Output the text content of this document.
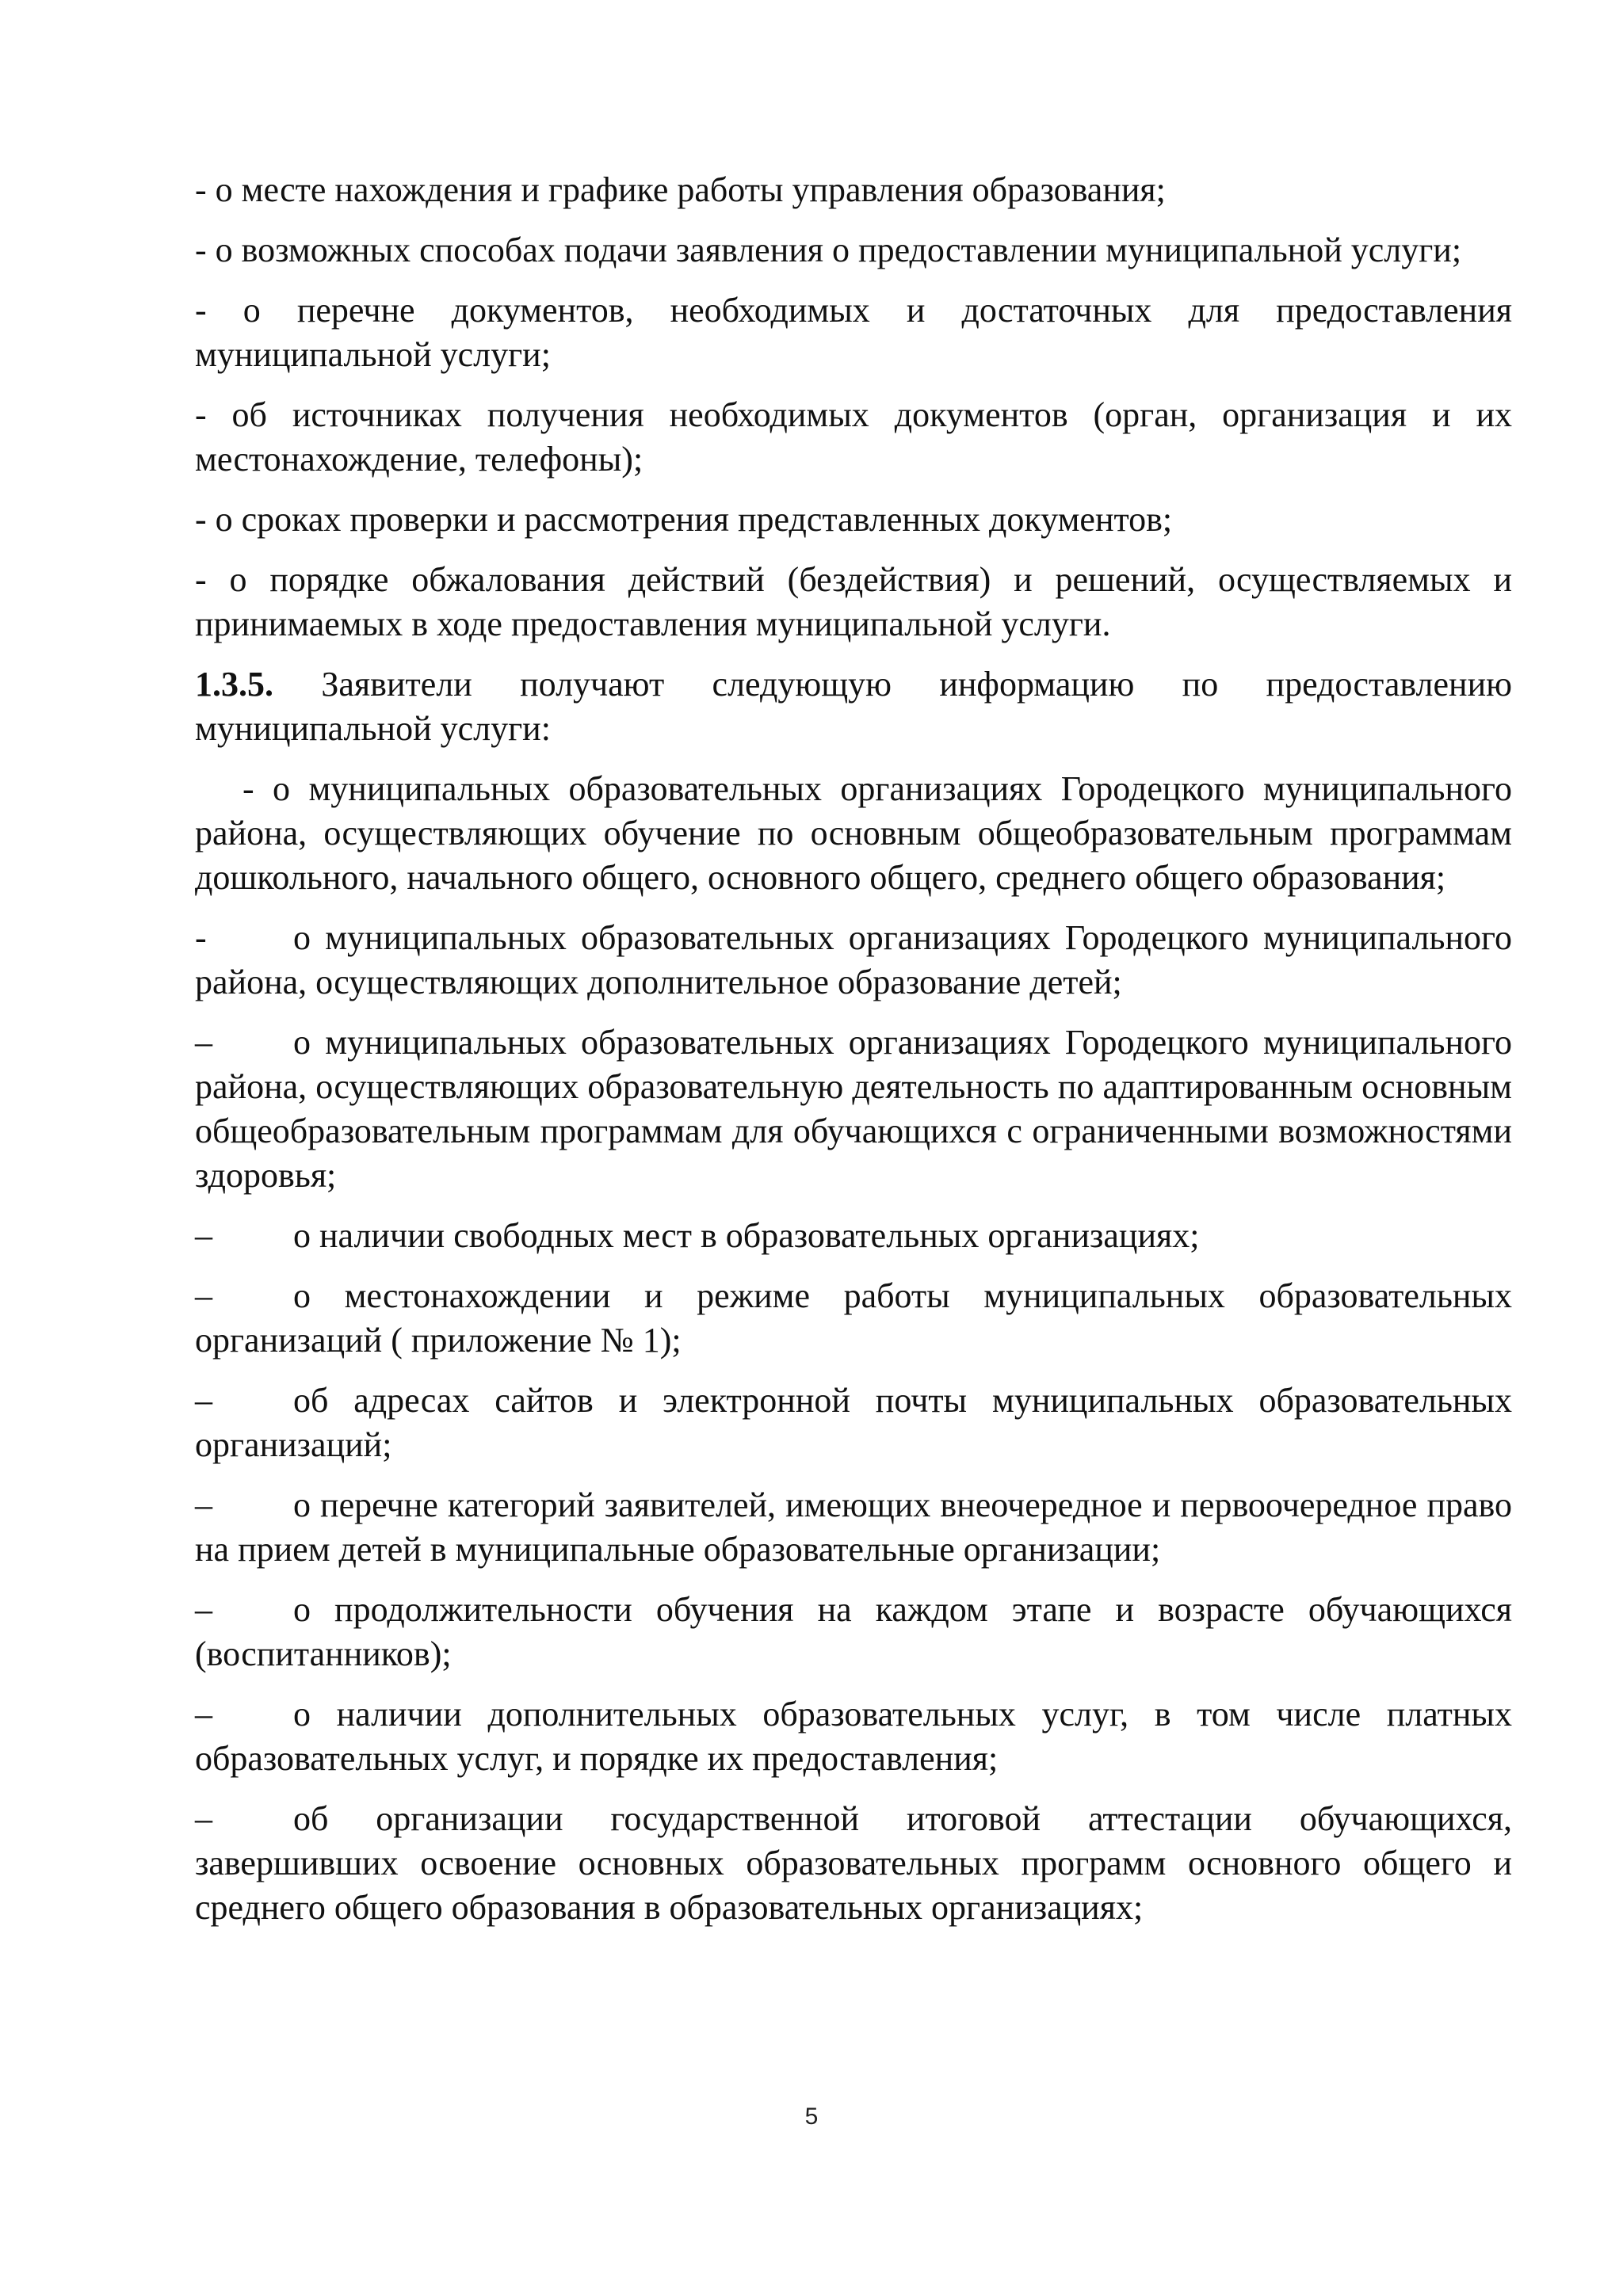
- о месте нахождения и графике работы управления образования;

- о возможных способах подачи заявления о предоставлении муниципальной услуги;

- о перечне документов, необходимых и достаточных для предоставления муниципальной услуги;

- об источниках получения необходимых документов (орган, организация и их местонахождение, телефоны);

- о сроках проверки и рассмотрения представленных документов;

- о порядке обжалования действий (бездействия) и решений, осуществляемых и принимаемых в ходе предоставления муниципальной услуги.

1.3.5. Заявители получают следующую информацию по предоставлению муниципальной услуги:

- о муниципальных образовательных организациях Городецкого муниципального района, осуществляющих обучение по основным общеобразовательным программам дошкольного, начального общего, основного общего, среднего общего образования;

- о муниципальных образовательных организациях Городецкого муниципального района, осуществляющих дополнительное образование детей;

–	о муниципальных образовательных организациях Городецкого муниципального района, осуществляющих образовательную деятельность по адаптированным основным общеобразовательным программам для обучающихся с ограниченными возможностями здоровья;

–	о наличии свободных мест в образовательных организациях;

–	о местонахождении и режиме работы муниципальных образовательных организаций ( приложение № 1);

–	об адресах сайтов и электронной почты муниципальных образовательных организаций;

–	о перечне категорий заявителей, имеющих внеочередное и первоочередное право на прием детей в муниципальные образовательные организации;

–	о продолжительности обучения на каждом этапе и возрасте обучающихся (воспитанников);

–	о наличии дополнительных образовательных услуг, в том числе платных образовательных услуг, и порядке их предоставления;

–	об организации государственной итоговой аттестации обучающихся, завершивших освоение основных образовательных программ основного общего и среднего общего образования в образовательных организациях;

5
